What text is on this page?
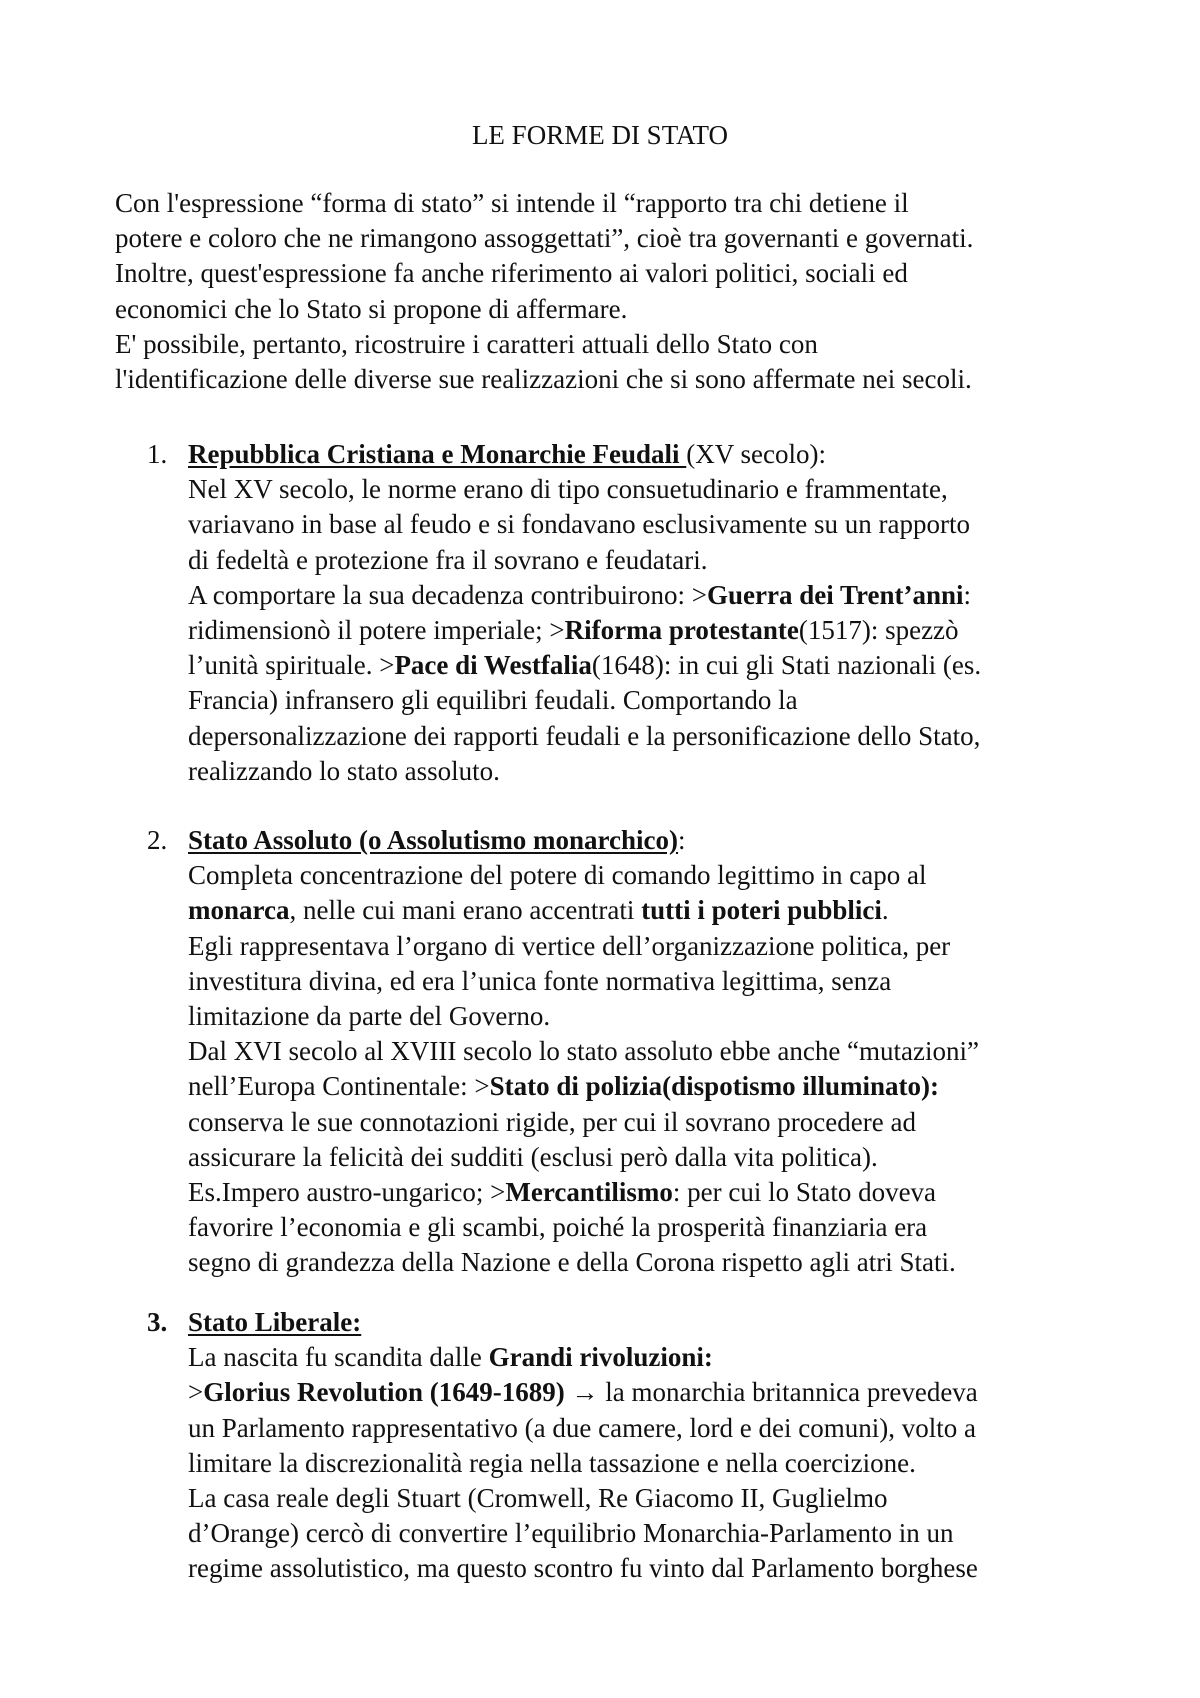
LE FORME DI STATO
Con l'espressione “forma di stato” si intende il “rapporto tra chi detiene il
potere e coloro che ne rimangono assoggettati”, cioè tra governanti e governati.
Inoltre, quest'espressione fa anche riferimento ai valori politici, sociali ed
economici che lo Stato si propone di affermare.
E' possibile, pertanto, ricostruire i caratteri attuali dello Stato con
l'identificazione delle diverse sue realizzazioni che si sono affermate nei secoli.
1. Repubblica Cristiana e Monarchie Feudali (XV secolo):
Nel XV secolo, le norme erano di tipo consuetudinario e frammentate,
variavano in base al feudo e si fondavano esclusivamente su un rapporto
di fedeltà e protezione fra il sovrano e feudatari.
A comportare la sua decadenza contribuirono: >Guerra dei Trent’anni:
ridimensionò il potere imperiale; >Riforma protestante(1517): spezzò
l’unità spirituale. >Pace di Westfalia(1648): in cui gli Stati nazionali (es.
Francia) infransero gli equilibri feudali. Comportando la
depersonalizzazione dei rapporti feudali e la personificazione dello Stato,
realizzando lo stato assoluto.
2. Stato Assoluto (o Assolutismo monarchico):
Completa concentrazione del potere di comando legittimo in capo al
monarca, nelle cui mani erano accentrati tutti i poteri pubblici.
Egli rappresentava l’organo di vertice dell’organizzazione politica, per
investitura divina, ed era l’unica fonte normativa legittima, senza
limitazione da parte del Governo.
Dal XVI secolo al XVIII secolo lo stato assoluto ebbe anche “mutazioni”
nell’Europa Continentale: >Stato di polizia(dispotismo illuminato):
conserva le sue connotazioni rigide, per cui il sovrano procedere ad
assicurare la felicità dei sudditi (esclusi però dalla vita politica).
Es.Impero austro-ungarico; >Mercantilismo: per cui lo Stato doveva
favorire l’economia e gli scambi, poiché la prosperità finanziaria era
segno di grandezza della Nazione e della Corona rispetto agli atri Stati.
3. Stato Liberale:
La nascita fu scandita dalle Grandi rivoluzioni:
>Glorius Revolution (1649-1689) → la monarchia britannica prevedeva
un Parlamento rappresentativo (a due camere, lord e dei comuni), volto a
limitare la discrezionalità regia nella tassazione e nella coercizione.
La casa reale degli Stuart (Cromwell, Re Giacomo II, Guglielmo
d’Orange) cercò di convertire l’equilibrio Monarchia-Parlamento in un
regime assolutistico, ma questo scontro fu vinto dal Parlamento borghese
